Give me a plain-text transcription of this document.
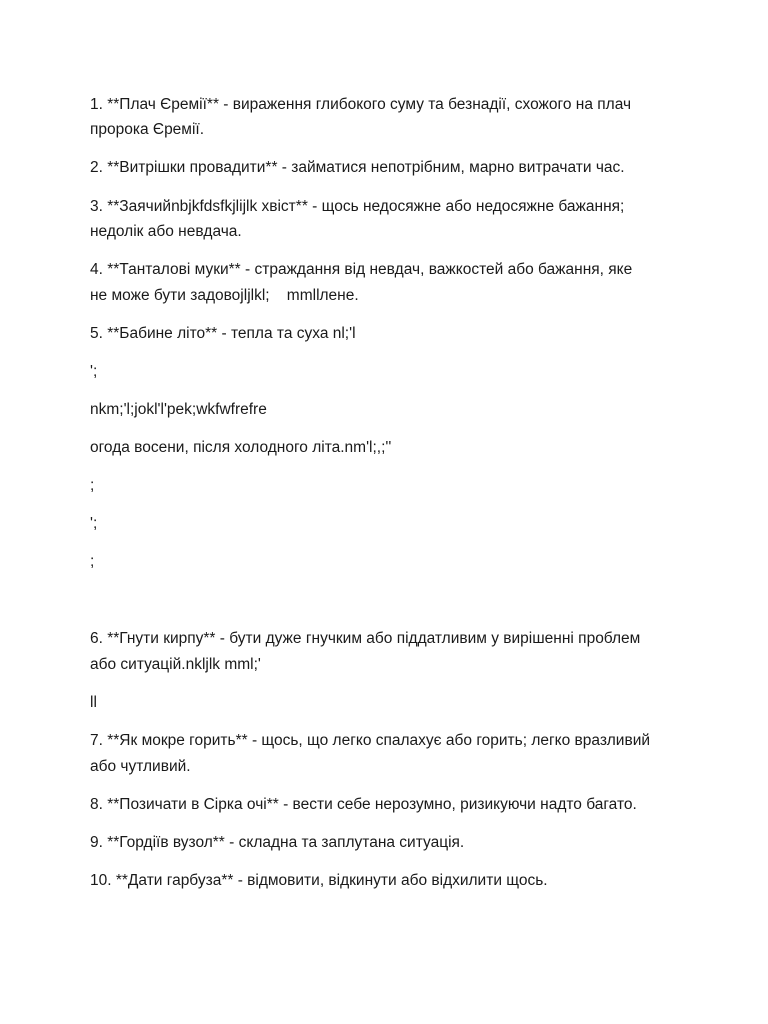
1. **Плач Єремії** - вираження глибокого суму та безнадії, схожого на плач
пророка Єремії.
2. **Витрішки провадити** - займатися непотрібним, марно витрачати час.
3. **Заячийnbjkfdsfkjlijlk хвіст** - щось недосяжне або недосяжне бажання;
недолік або невдача.
4. **Танталові муки** - страждання від невдач, важкостей або бажання, яке
не може бути задовоjljlkl;    mmllлене.
5. **Бабине літо** - тепла та суха nl;'l
';
nkm;'l;jokl'l'pek;wkfwfrefre
огода восени, після холодного літа.nm'l;,;''
;
';
;
6. **Гнути кирпу** - бути дуже гнучким або піддатливим у вирішенні проблем
або ситуацій.nkljlk mml;'
ll
7. **Як мокре горить** - щось, що легко спалахує або горить; легко вразливий
або чутливий.
8. **Позичати в Сірка очі** - вести себе нерозумно, ризикуючи надто багато.
9. **Гордіїв вузол** - складна та заплутана ситуація.
10. **Дати гарбуза** - відмовити, відкинути або відхилити щось.
